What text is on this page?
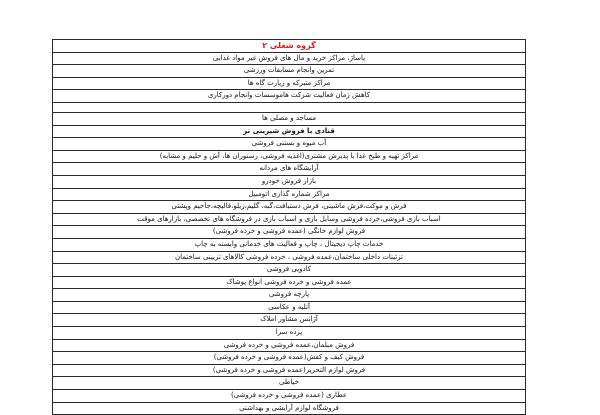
گروه شغلی ۲
پاساژ، مراکز خرید و مال های فروش غیر مواد غذایی
تمرین وانجام مسابقات ورزشی
مراکز متبرکه و زیارت گاه ها
کاهش زمان فعالیت شرکت هاموسسات وانجام دورکاری

مساجد و مصلی ها
قنادی با فروش شیرینی تر
آب میوه و بستنی فروشی
مراکز تهیه و طبخ غذا با پذیرش مشتری(اغذیه فروشی، رستوران ها، آش و حلیم و مشابه)
آرایشگاه های مردانه
بازار فروش خودرو
مراکز شماره گذاری اتومبیل
فرش و موکت،فرش ماشینی، فرش دستبافت،گبه، گلیم،زیلو،قالیچه،جاجیم وپشتی
اسباب بازی فروشی،خرده فروشی وسایل بازی و اسباب بازی در فروشگاه های تخصصی، بازارهای موقت
فروش لوازم خانگی (عمده فروشی و خرده فروشی)
خدمات چاپ دیجیتال ، چاپ و فعالیت های خدماتی وابسته به چاپ
تزئینات داخلی ساختمان،عمده فروشی ، خرده فروشی کالاهای تزیینی ساختمان
کادویی فروشی
عمده فروشی و خرده فروشی انواع پوشاک
پارچه فروشی
آتلیه و عکاسی
آژانس مشاور املاک
پرده سرا
فروش مبلمان،عمده فروشی و خرده فروشی
فروش کیف و کفش(عمده فروشی و خرده فروشی)
فروش لوازم التحریر(عمده فروشی و خرده فروشی)
خیاطی
عطاری (عمده فروشی و خرده فروشی)
فروشگاه لوازم آرایشی و بهداشتی
